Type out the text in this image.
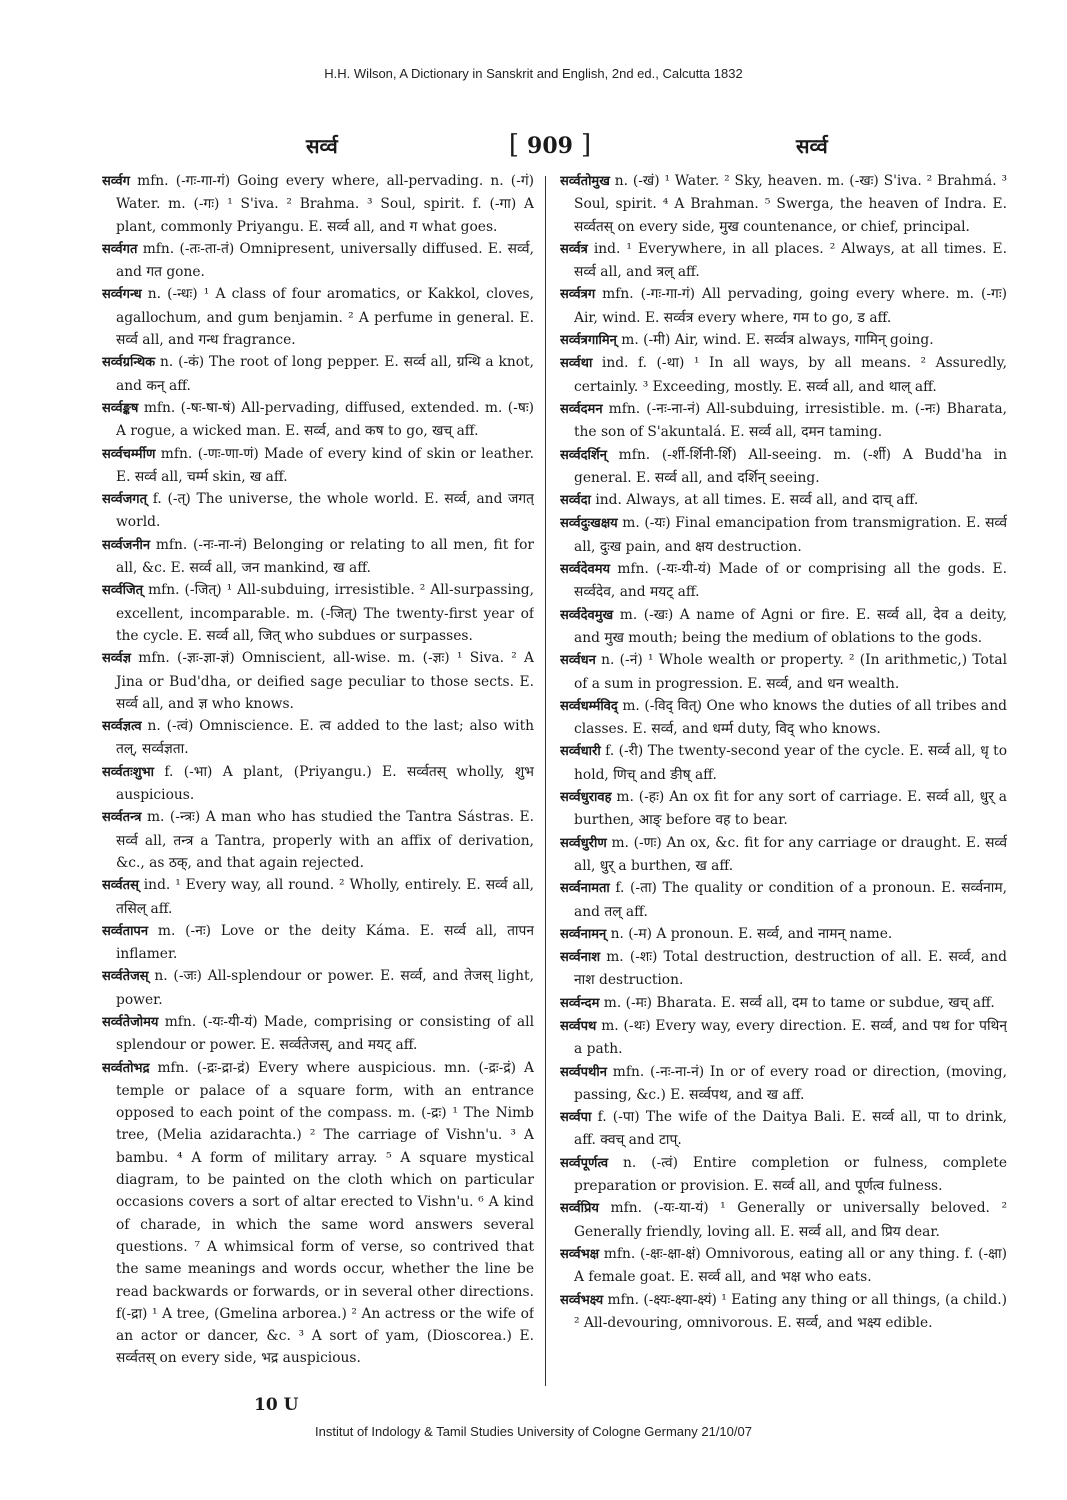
H.H. Wilson, A Dictionary in Sanskrit and English, 2nd ed., Calcutta 1832
सर्व्व	[ 909 ]	सर्व्व

सर्व्वग mfn. (-गः-गा-गं) Going every where, all-pervading. n. (-गं) Water. m. (-गः) ¹ S'iva. ² Brahma. ³ Soul, spirit. f. (-गा) A plant, commonly Priyangu. E. सर्व्व all, and ग what goes.

सर्व्वगत mfn. (-तः-ता-तं) Omnipresent, universally diffused. E. सर्व्व, and गत gone.

सर्व्वगन्ध n. (-न्धः) ¹ A class of four aromatics, or Kakkol, cloves, agallochum, and gum benjamin. ² A perfume in general. E. सर्व्व all, and गन्ध fragrance.

सर्व्वग्रन्थिक n. (-कं) The root of long pepper. E. सर्व्व all, ग्रन्थि a knot, and कन् aff.

सर्व्वङ्कष mfn. (-षः-षा-षं) All-pervading, diffused, extended. m. (-षः) A rogue, a wicked man. E. सर्व्व, and कष to go, खच् aff.

सर्व्वचर्म्मीण mfn. (-णः-णा-णं) Made of every kind of skin or leather. E. सर्व्व all, चर्म्म skin, ख aff.

सर्व्वजगत् f. (-त्) The universe, the whole world. E. सर्व्व, and जगत् world.

सर्व्वजनीन mfn. (-नः-ना-नं) Belonging or relating to all men, fit for all, &c. E. सर्व्व all, जन mankind, ख aff.

सर्व्वजित् mfn. (-जित्) ¹ All-subduing, irresistible. ² All-surpassing, excellent, incomparable. m. (-जित्) The twenty-first year of the cycle. E. सर्व्व all, जित् who subdues or surpasses.

सर्व्वज्ञ mfn. (-ज्ञः-ज्ञा-ज्ञं) Omniscient, all-wise. m. (-ज्ञः) ¹ Siva. ² A Jina or Bud'dha, or deified sage peculiar to those sects. E. सर्व्व all, and ज्ञ who knows.

सर्व्वज्ञत्व n. (-त्वं) Omniscience. E. त्व added to the last; also with तल्, सर्व्वज्ञता.

सर्व्वतःशुभा f. (-भा) A plant, (Priyangu.) E. सर्व्वतस् wholly, शुभ auspicious.

सर्व्वतन्त्र m. (-न्त्रः) A man who has studied the Tantra Sástras. E. सर्व्व all, तन्त्र a Tantra, properly with an affix of derivation, &c., as ठक्, and that again rejected.

सर्व्वतस् ind. ¹ Every way, all round. ² Wholly, entirely. E. सर्व्व all, तसिल् aff.

सर्व्वतापन m. (-नः) Love or the deity Káma. E. सर्व्व all, तापन inflamer.

सर्व्वतेजस् n. (-जः) All-splendour or power. E. सर्व्व, and तेजस् light, power.

सर्व्वतेजोमय mfn. (-यः-यी-यं) Made, comprising or consisting of all splendour or power. E. सर्व्वतेजस्, and मयट् aff.

सर्व्वतोभद्र mfn. (-द्रः-द्रा-द्रं) Every where auspicious. mn. (-द्रः-द्रं) A temple or palace of a square form, with an entrance opposed to each point of the compass. m. (-द्रः) ¹ The Nimb tree, (Melia azidarachta.) ² The carriage of Vishn'u. ³ A bambu. ⁴ A form of military array. ⁵ A square mystical diagram, to be painted on the cloth which on particular occasions covers a sort of altar erected to Vishn'u. ⁶ A kind of charade, in which the same word answers several questions. ⁷ A whimsical form of verse, so contrived that the same meanings and words occur, whether the line be read backwards or forwards, or in several other directions. f(-द्रा) ¹ A tree, (Gmelina arborea.) ² An actress or the wife of an actor or dancer, &c. ³ A sort of yam, (Dioscorea.) E. सर्व्वतस् on every side, भद्र auspicious.

सर्व्वतोमुख n. (-खं) ¹ Water. ² Sky, heaven. m. (-खः) S'iva. ² Brahmá. ³ Soul, spirit. ⁴ A Brahman. ⁵ Swerga, the heaven of Indra. E. सर्व्वतस् on every side, मुख countenance, or chief, principal.

सर्व्वत्र ind. ¹ Everywhere, in all places. ² Always, at all times. E. सर्व्व all, and त्रल् aff.

सर्व्वत्रग mfn. (-गः-गा-गं) All pervading, going every where. m. (-गः) Air, wind. E. सर्व्वत्र every where, गम to go, ड aff.

सर्व्वत्रगामिन् m. (-मी) Air, wind. E. सर्व्वत्र always, गामिन् going.

सर्व्वथा ind. f. (-था) ¹ In all ways, by all means. ² Assuredly, certainly. ³ Exceeding, mostly. E. सर्व्व all, and थाल् aff.

सर्व्वदमन mfn. (-नः-ना-नं) All-subduing, irresistible. m. (-नः) Bharata, the son of S'akuntalá. E. सर्व्व all, दमन taming.

सर्व्वदर्शिन् mfn. (-र्शी-र्शिनी-र्शि) All-seeing. m. (-र्शी) A Budd'ha in general. E. सर्व्व all, and दर्शिन् seeing.

सर्व्वदा ind. Always, at all times. E. सर्व्व all, and दाच् aff.

सर्व्वदुःखक्षय m. (-यः) Final emancipation from transmigration. E. सर्व्व all, दुःख pain, and क्षय destruction.

सर्व्वदेवमय mfn. (-यः-यी-यं) Made of or comprising all the gods. E. सर्व्वदेव, and मयट् aff.

सर्व्वदेवमुख m. (-खः) A name of Agni or fire. E. सर्व्व all, देव a deity, and मुख mouth; being the medium of oblations to the gods.

सर्व्वधन n. (-नं) ¹ Whole wealth or property. ² (In arithmetic,) Total of a sum in progression. E. सर्व्व, and धन wealth.

सर्व्वधर्म्मविद् m. (-विद् वित्) One who knows the duties of all tribes and classes. E. सर्व्व, and धर्म्म duty, विद् who knows.

सर्व्वधारी f. (-री) The twenty-second year of the cycle. E. सर्व्व all, धृ to hold, णिच् and ङीष् aff.

सर्व्वधुरावह m. (-हः) An ox fit for any sort of carriage. E. सर्व्व all, धुर् a burthen, आङ् before वह to bear.

सर्व्वधुरीण m. (-णः) An ox, &c. fit for any carriage or draught. E. सर्व्व all, धुर् a burthen, ख aff.

सर्व्वनामता f. (-ता) The quality or condition of a pronoun. E. सर्व्वनाम, and तल् aff.

सर्व्वनामन् n. (-म) A pronoun. E. सर्व्व, and नामन् name.

सर्व्वनाश m. (-शः) Total destruction, destruction of all. E. सर्व्व, and नाश destruction.

सर्व्वन्दम m. (-मः) Bharata. E. सर्व्व all, दम to tame or subdue, खच् aff.

सर्व्वपथ m. (-थः) Every way, every direction. E. सर्व्व, and पथ for पथिन् a path.

सर्व्वपथीन mfn. (-नः-ना-नं) In or of every road or direction, (moving, passing, &c.) E. सर्व्वपथ, and ख aff.

सर्व्वपा f. (-पा) The wife of the Daitya Bali. E. सर्व्व all, पा to drink, aff. क्वच् and टाप्.

सर्व्वपूर्णत्व n. (-त्वं) Entire completion or fulness, complete preparation or provision. E. सर्व्व all, and पूर्णत्व fulness.

सर्व्वप्रिय mfn. (-यः-या-यं) ¹ Generally or universally beloved. ² Generally friendly, loving all. E. सर्व्व all, and प्रिय dear.

सर्व्वभक्ष mfn. (-क्षः-क्षा-क्षं) Omnivorous, eating all or any thing. f. (-क्षा) A female goat. E. सर्व्व all, and भक्ष who eats.

सर्व्वभक्ष्य mfn. (-क्ष्यः-क्ष्या-क्ष्यं) ¹ Eating any thing or all things, (a child.) ² All-devouring, omnivorous. E. सर्व्व, and भक्ष्य edible.

10 U
Institut of Indology & Tamil Studies University of Cologne Germany 21/10/07
